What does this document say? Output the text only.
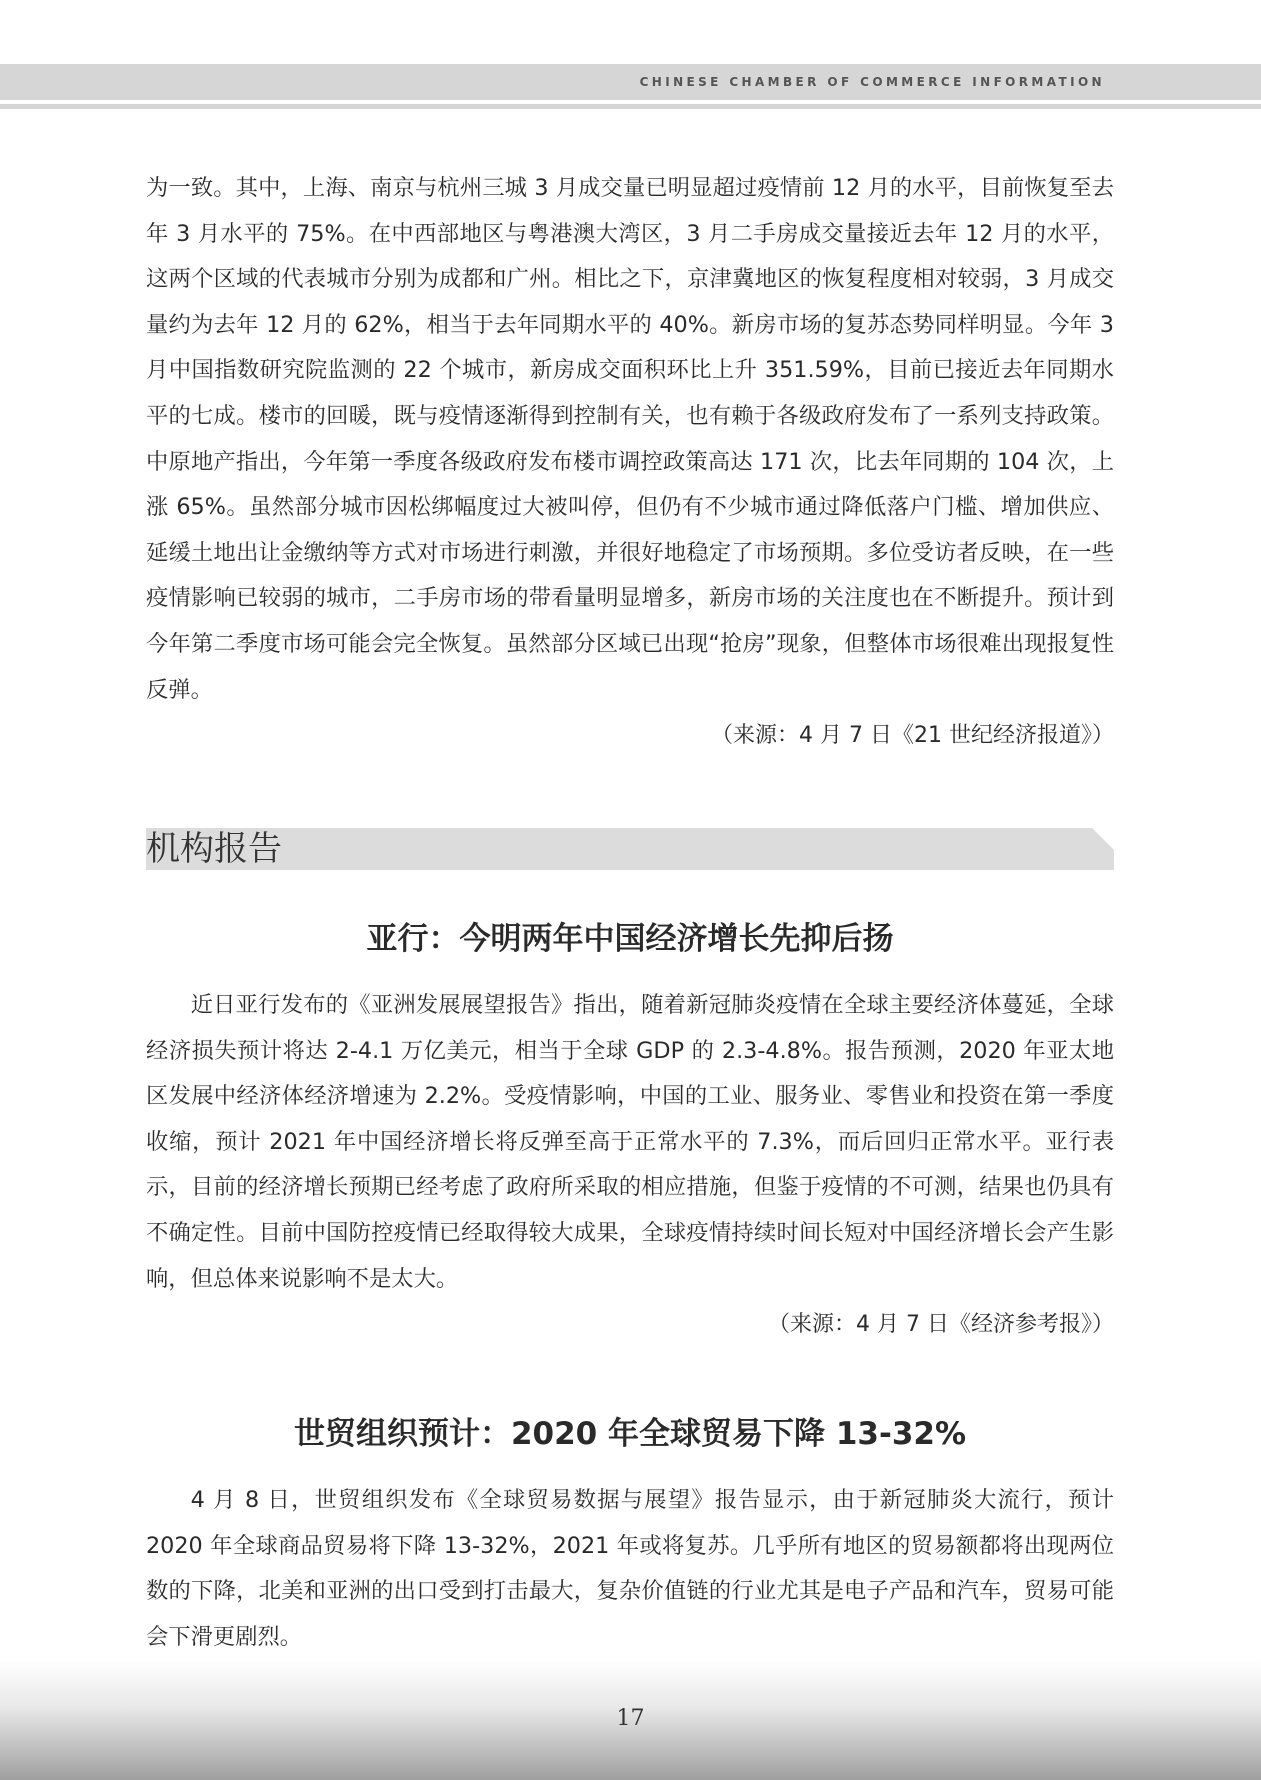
CHINESE CHAMBER OF COMMERCE INFORMATION

为一致。其中，上海、南京与杭州三城 3 月成交量已明显超过疫情前 12 月的水平，目前恢复至去年 3 月水平的 75%。在中西部地区与粤港澳大湾区，3 月二手房成交量接近去年 12 月的水平，这两个区域的代表城市分别为成都和广州。相比之下，京津冀地区的恢复程度相对较弱，3 月成交量约为去年 12 月的 62%，相当于去年同期水平的 40%。新房市场的复苏态势同样明显。今年 3 月中国指数研究院监测的 22 个城市，新房成交面积环比上升 351.59%，目前已接近去年同期水平的七成。楼市的回暖，既与疫情逐渐得到控制有关，也有赖于各级政府发布了一系列支持政策。中原地产指出，今年第一季度各级政府发布楼市调控政策高达 171 次，比去年同期的 104 次，上涨 65%。虽然部分城市因松绑幅度过大被叫停，但仍有不少城市通过降低落户门槛、增加供应、延缓土地出让金缴纳等方式对市场进行刺激，并很好地稳定了市场预期。多位受访者反映，在一些疫情影响已较弱的城市，二手房市场的带看量明显增多，新房市场的关注度也在不断提升。预计到今年第二季度市场可能会完全恢复。虽然部分区域已出现“抢房”现象，但整体市场很难出现报复性反弹。

（来源：4 月 7 日《21 世纪经济报道》）

机构报告
亚行：今明两年中国经济增长先抑后扬

近日亚行发布的《亚洲发展展望报告》指出，随着新冠肺炎疫情在全球主要经济体蔓延，全球经济损失预计将达 2-4.1 万亿美元，相当于全球 GDP 的 2.3-4.8%。报告预测，2020 年亚太地区发展中经济体经济增速为 2.2%。受疫情影响，中国的工业、服务业、零售业和投资在第一季度收缩，预计 2021 年中国经济增长将反弹至高于正常水平的 7.3%，而后回归正常水平。亚行表示，目前的经济增长预期已经考虑了政府所采取的相应措施，但鉴于疫情的不可测，结果也仍具有不确定性。目前中国防控疫情已经取得较大成果，全球疫情持续时间长短对中国经济增长会产生影响，但总体来说影响不是太大。

（来源：4 月 7 日《经济参考报》）

世贸组织预计：2020 年全球贸易下降 13-32%

4 月 8 日，世贸组织发布《全球贸易数据与展望》报告显示，由于新冠肺炎大流行，预计 2020 年全球商品贸易将下降 13-32%，2021 年或将复苏。几乎所有地区的贸易额都将出现两位数的下降，北美和亚洲的出口受到打击最大，复杂价值链的行业尤其是电子产品和汽车，贸易可能会下滑更剧烈。

17
